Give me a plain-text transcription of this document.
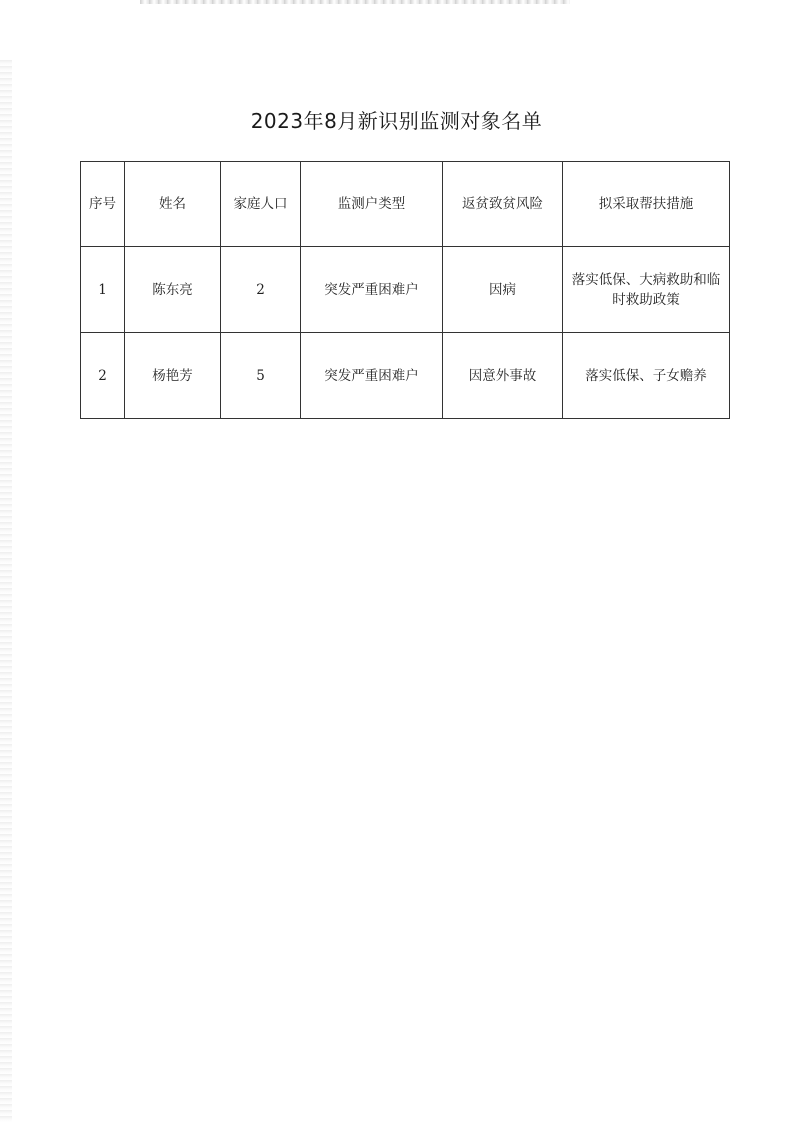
2023年8月新识别监测对象名单
序号	姓名	家庭人口	监测户类型	返贫致贫风险	拟采取帮扶措施
1	陈东亮	2	突发严重困难户	因病	落实低保、大病救助和临时救助政策
2	杨艳芳	5	突发严重困难户	因意外事故	落实低保、子女赡养
